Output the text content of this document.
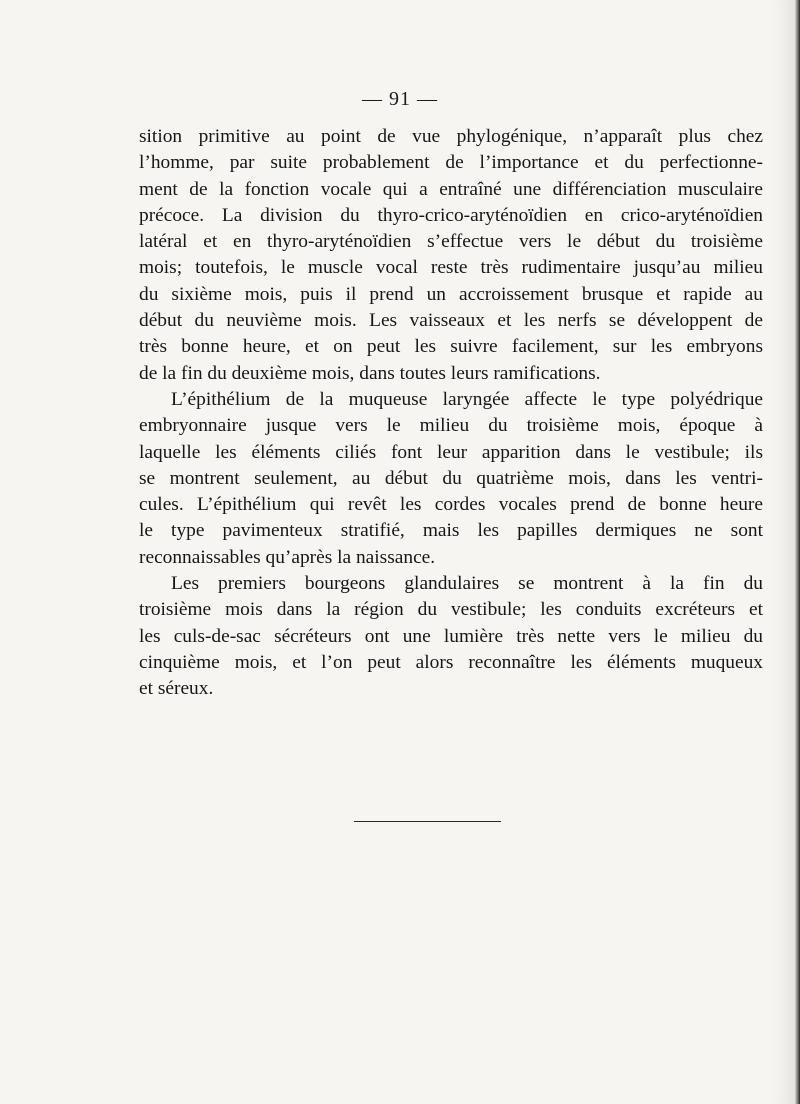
— 91 —
sition primitive au point de vue phylogénique, n’apparaît plus chez
l’homme, par suite probablement de l’importance et du perfectionne-
ment de la fonction vocale qui a entraîné une différenciation musculaire
précoce. La division du thyro-crico-aryténoïdien en crico-aryténoïdien
latéral et en thyro-aryténoïdien s’effectue vers le début du troisième
mois; toutefois, le muscle vocal reste très rudimentaire jusqu’au milieu
du sixième mois, puis il prend un accroissement brusque et rapide au
début du neuvième mois. Les vaisseaux et les nerfs se développent de
très bonne heure, et on peut les suivre facilement, sur les embryons
de la fin du deuxième mois, dans toutes leurs ramifications.
L’épithélium de la muqueuse laryngée affecte le type polyédrique
embryonnaire jusque vers le milieu du troisième mois, époque à
laquelle les éléments ciliés font leur apparition dans le vestibule; ils
se montrent seulement, au début du quatrième mois, dans les ventri-
cules. L’épithélium qui revêt les cordes vocales prend de bonne heure
le type pavimenteux stratifié, mais les papilles dermiques ne sont
reconnaissables qu’après la naissance.
Les premiers bourgeons glandulaires se montrent à la fin du
troisième mois dans la région du vestibule; les conduits excréteurs et
les culs-de-sac sécréteurs ont une lumière très nette vers le milieu du
cinquième mois, et l’on peut alors reconnaître les éléments muqueux
et séreux.
